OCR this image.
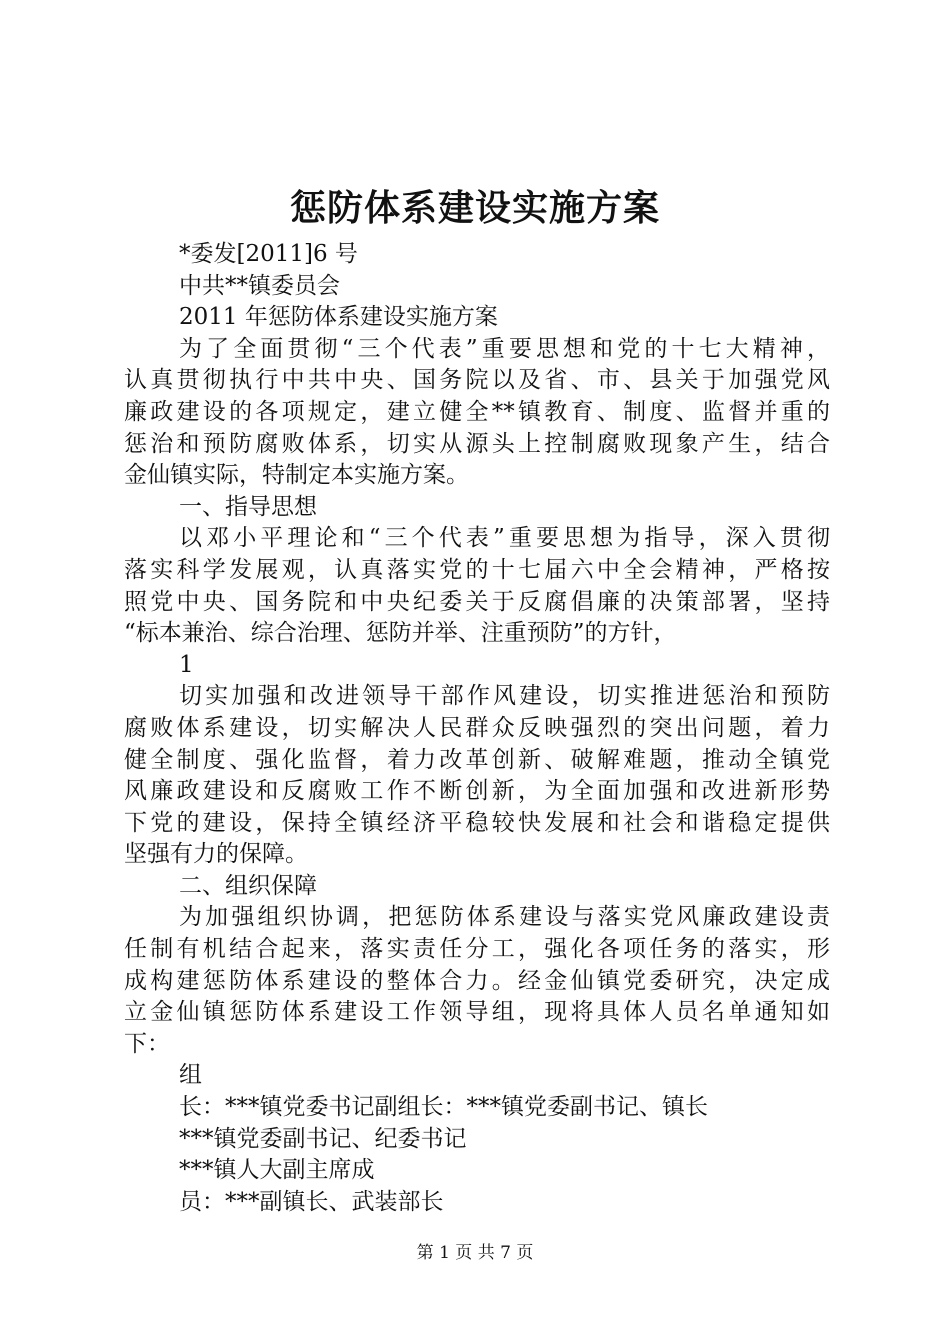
惩防体系建设实施方案
*委发[2011]6 号
中共**镇委员会
2011 年惩防体系建设实施方案
为了全面贯彻“三个代表”重要思想和党的十七大精神，
认真贯彻执行中共中央、国务院以及省、市、县关于加强党风
廉政建设的各项规定，建立健全**镇教育、制度、监督并重的
惩治和预防腐败体系，切实从源头上控制腐败现象产生，结合
金仙镇实际，特制定本实施方案。
一、指导思想
以邓小平理论和“三个代表”重要思想为指导，深入贯彻
落实科学发展观，认真落实党的十七届六中全会精神，严格按
照党中央、国务院和中央纪委关于反腐倡廉的决策部署，坚持
“标本兼治、综合治理、惩防并举、注重预防”的方针，
1
切实加强和改进领导干部作风建设，切实推进惩治和预防
腐败体系建设，切实解决人民群众反映强烈的突出问题，着力
健全制度、强化监督，着力改革创新、破解难题，推动全镇党
风廉政建设和反腐败工作不断创新，为全面加强和改进新形势
下党的建设，保持全镇经济平稳较快发展和社会和谐稳定提供
坚强有力的保障。
二、组织保障
为加强组织协调，把惩防体系建设与落实党风廉政建设责
任制有机结合起来，落实责任分工，强化各项任务的落实，形
成构建惩防体系建设的整体合力。经金仙镇党委研究，决定成
立金仙镇惩防体系建设工作领导组，现将具体人员名单通知如
下：
组
长：***镇党委书记副组长：***镇党委副书记、镇长
***镇党委副书记、纪委书记
***镇人大副主席成
员：***副镇长、武装部长
第 1 页 共 7 页
